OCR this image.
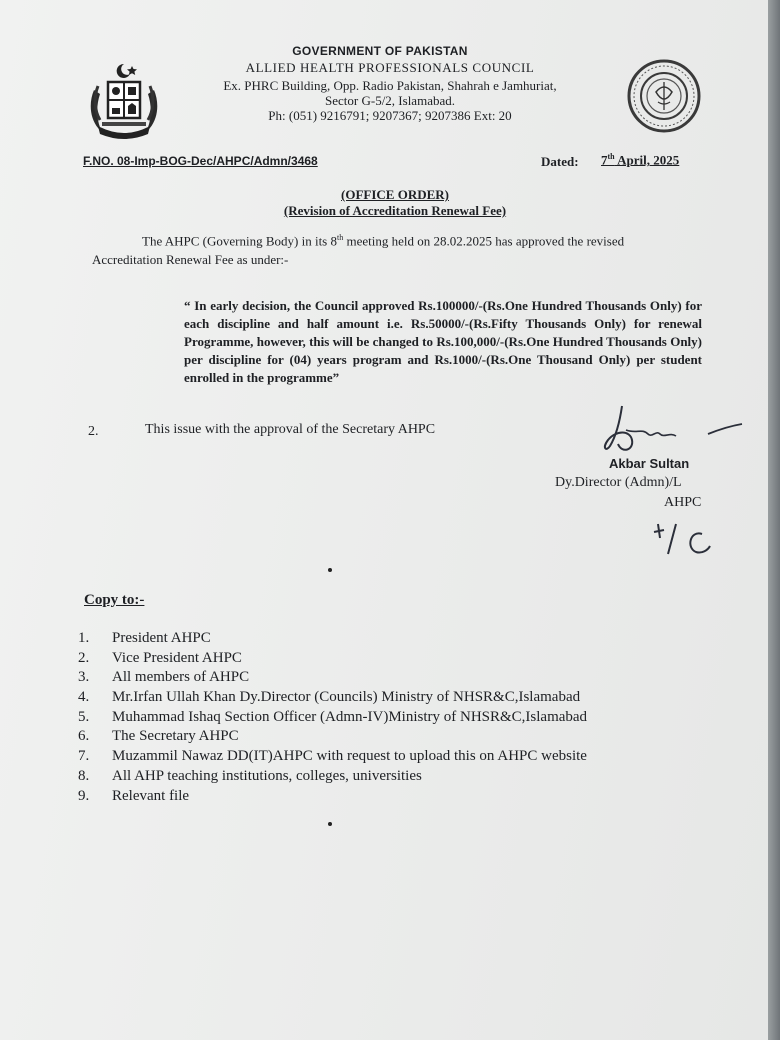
GOVERNMENT OF PAKISTAN
ALLIED HEALTH PROFESSIONALS COUNCIL
Ex. PHRC Building, Opp. Radio Pakistan, Shahrah e Jamhuriat,
Sector G-5/2, Islamabad.
Ph: (051) 9216791; 9207367; 9207386 Ext: 20
F.NO. 08-Imp-BOG-Dec/AHPC/Admn/3468	Dated: 7th April, 2025
(OFFICE ORDER)
(Revision of Accreditation Renewal Fee)
The AHPC (Governing Body) in its 8th meeting held on 28.02.2025 has approved the revised
Accreditation Renewal Fee as under:-
“ In early decision, the Council approved Rs.100000/-(Rs.One Hundred Thousands Only) for each discipline and half amount i.e. Rs.50000/-(Rs.Fifty Thousands Only) for renewal Programme, however, this will be changed to Rs.100,000/-(Rs.One Hundred Thousands Only) per discipline for (04) years program and Rs.1000/-(Rs.One Thousand Only) per student enrolled in the programme”
2.	This issue with the approval of the Secretary AHPC
Akbar Sultan
Dy.Director (Admn)/L
AHPC
Copy to:-
1. President AHPC
2. Vice President AHPC
3. All members of AHPC
4. Mr.Irfan Ullah Khan Dy.Director (Councils) Ministry of NHSR&C,Islamabad
5. Muhammad Ishaq Section Officer (Admn-IV)Ministry of NHSR&C,Islamabad
6. The Secretary AHPC
7. Muzammil Nawaz DD(IT)AHPC with request to upload this on AHPC website
8. All AHP teaching institutions, colleges, universities
9. Relevant file
